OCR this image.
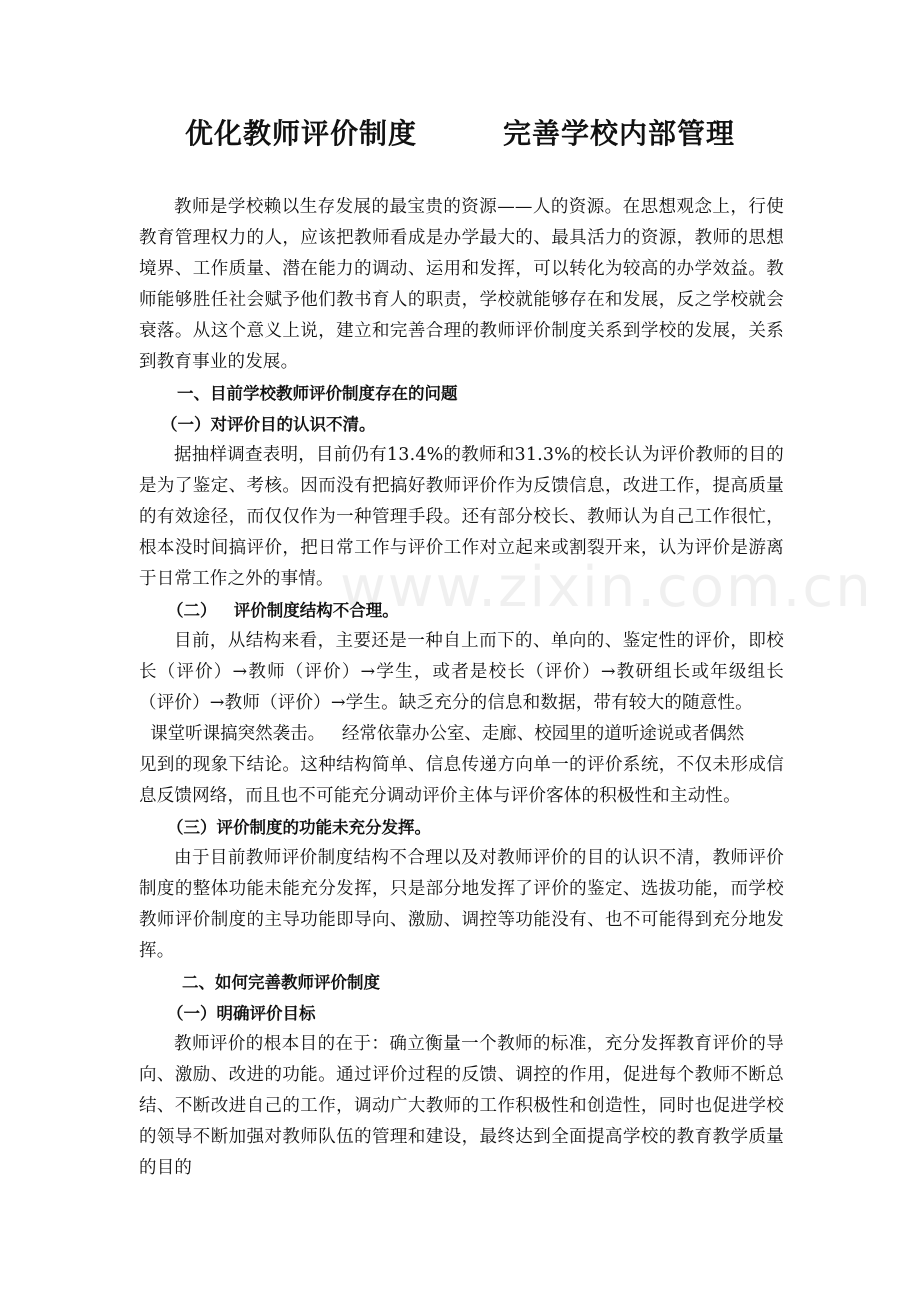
优化教师评价制度        完善学校内部管理

教师是学校赖以生存发展的最宝贵的资源——人的资源。在思想观念上，行使教育管理权力的人，应该把教师看成是办学最大的、最具活力的资源，教师的思想境界、工作质量、潜在能力的调动、运用和发挥，可以转化为较高的办学效益。教师能够胜任社会赋予他们教书育人的职责，学校就能够存在和发展，反之学校就会衰落。从这个意义上说，建立和完善合理的教师评价制度关系到学校的发展，关系到教育事业的发展。

一、目前学校教师评价制度存在的问题
（一）对评价目的认识不清。

据抽样调查表明，目前仍有13.4%的教师和31.3%的校长认为评价教师的目的是为了鉴定、考核。因而没有把搞好教师评价作为反馈信息，改进工作，提高质量的有效途径，而仅仅作为一种管理手段。还有部分校长、教师认为自己工作很忙，根本没时间搞评价，把日常工作与评价工作对立起来或割裂开来，认为评价是游离于日常工作之外的事情。

（二）   评价制度结构不合理。

目前，从结构来看，主要还是一种自上而下的、单向的、鉴定性的评价，即校长（评价）→教师（评价）→学生，或者是校长（评价）→教研组长或年级组长（评价）→教师（评价）→学生。缺乏充分的信息和数据，带有较大的随意性。

课堂听课搞突然袭击。   经常依靠办公室、走廊、校园里的道听途说或者偶然

见到的现象下结论。这种结构简单、信息传递方向单一的评价系统，不仅未形成信息反馈网络，而且也不可能充分调动评价主体与评价客体的积极性和主动性。

（三）评价制度的功能未充分发挥。

由于目前教师评价制度结构不合理以及对教师评价的目的认识不清，教师评价制度的整体功能未能充分发挥，只是部分地发挥了评价的鉴定、选拔功能，而学校教师评价制度的主导功能即导向、激励、调控等功能没有、也不可能得到充分地发挥。

二、如何完善教师评价制度
（一）明确评价目标

教师评价的根本目的在于：确立衡量一个教师的标准，充分发挥教育评价的导向、激励、改进的功能。通过评价过程的反馈、调控的作用，促进每个教师不断总结、不断改进自己的工作，调动广大教师的工作积极性和创造性，同时也促进学校的领导不断加强对教师队伍的管理和建设，最终达到全面提高学校的教育教学质量的目的

www.zixin.com.cn
